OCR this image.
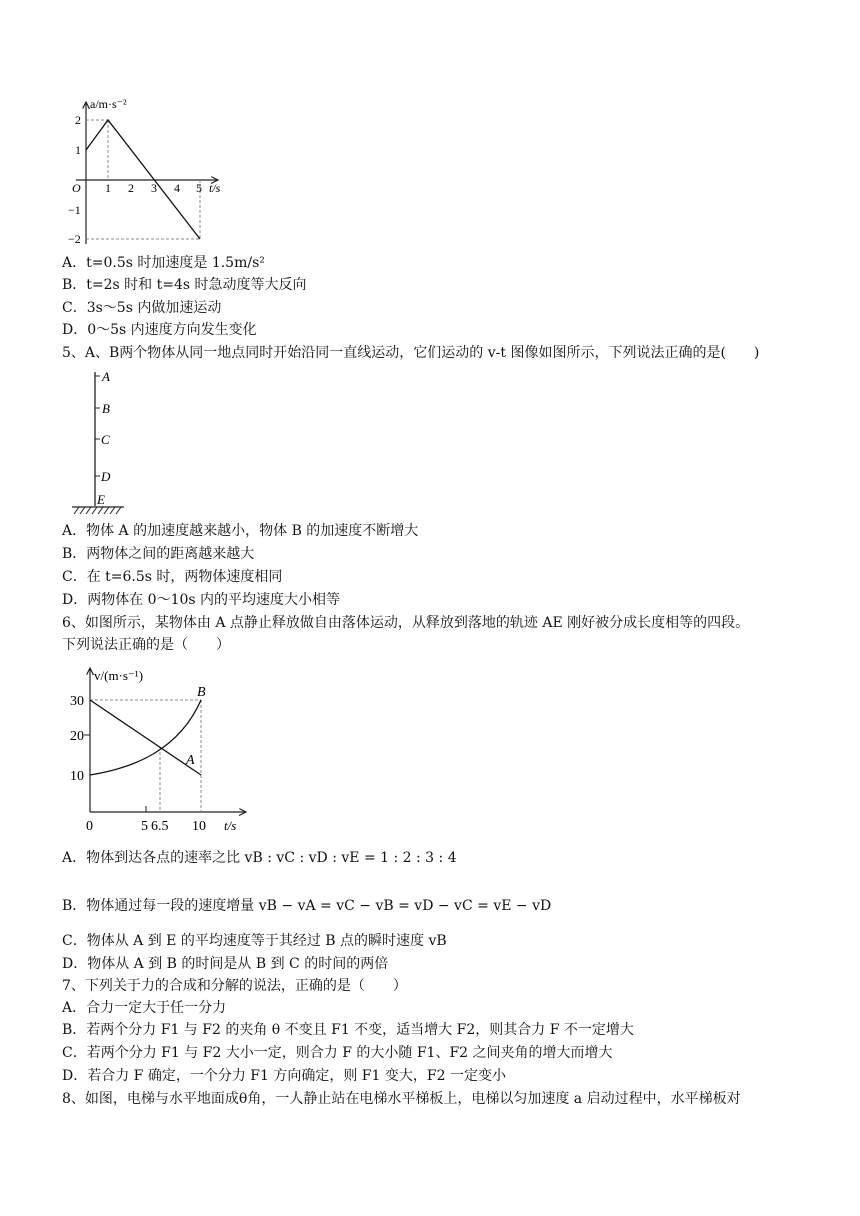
a/m·s⁻²
t/s
O
2
1
−1
−2
1 2 3 4 5
A．t=0.5s 时加速度是 1.5m/s²
B．t=2s 时和 t=4s 时急动度等大反向
C．3s～5s 内做加速运动
D．0～5s 内速度方向发生变化
5、A、B两个物体从同一地点同时开始沿同一直线运动，它们运动的 v-t 图像如图所示，下列说法正确的是(　　)
A
B
C
D
E
A．物体 A 的加速度越来越小，物体 B 的加速度不断增大
B．两物体之间的距离越来越大
C．在 t=6.5s 时，两物体速度相同
D．两物体在 0～10s 内的平均速度大小相等
6、如图所示，某物体由 A 点静止释放做自由落体运动，从释放到落地的轨迹 AE 刚好被分成长度相等的四段。
下列说法正确的是（　　）
v/(m·s⁻¹)
t/s
30
20
10
0	5 6.5 10
A
B
A．物体到达各点的速率之比 vB : vC : vD : vE = 1 : 2 : 3 : 4
B．物体通过每一段的速度增量 vB − vA = vC − vB = vD − vC = vE − vD
C．物体从 A 到 E 的平均速度等于其经过 B 点的瞬时速度 vB
D．物体从 A 到 B 的时间是从 B 到 C 的时间的两倍
7、下列关于力的合成和分解的说法，正确的是（　　）
A．合力一定大于任一分力
B．若两个分力 F1 与 F2 的夹角 θ 不变且 F1 不变，适当增大 F2，则其合力 F 不一定增大
C．若两个分力 F1 与 F2 大小一定，则合力 F 的大小随 F1、F2 之间夹角的增大而增大
D．若合力 F 确定，一个分力 F1 方向确定，则 F1 变大，F2 一定变小
8、如图，电梯与水平地面成θ角，一人静止站在电梯水平梯板上，电梯以匀加速度 a 启动过程中，水平梯板对
